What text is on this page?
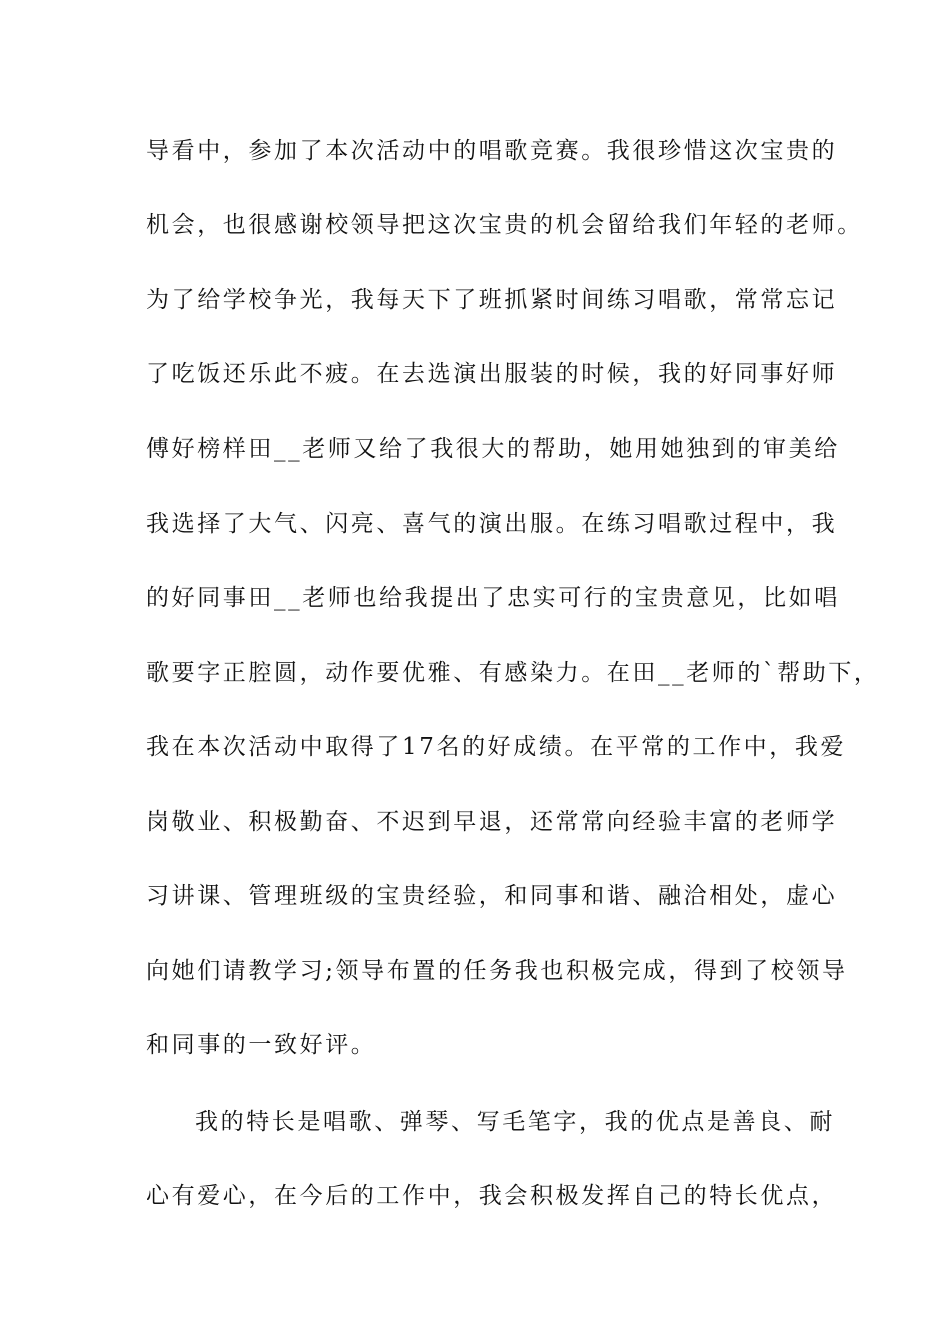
导看中，参加了本次活动中的唱歌竞赛。我很珍惜这次宝贵的
机会，也很感谢校领导把这次宝贵的机会留给我们年轻的老师。
为了给学校争光，我每天下了班抓紧时间练习唱歌，常常忘记
了吃饭还乐此不疲。在去选演出服装的时候，我的好同事好师
傅好榜样田__老师又给了我很大的帮助，她用她独到的审美给
我选择了大气、闪亮、喜气的演出服。在练习唱歌过程中，我
的好同事田__老师也给我提出了忠实可行的宝贵意见，比如唱
歌要字正腔圆，动作要优雅、有感染力。在田__老师的`帮助下，
我在本次活动中取得了17名的好成绩。在平常的工作中，我爱
岗敬业、积极勤奋、不迟到早退，还常常向经验丰富的老师学
习讲课、管理班级的宝贵经验，和同事和谐、融洽相处，虚心
向她们请教学习;领导布置的任务我也积极完成，得到了校领导
和同事的一致好评。
我的特长是唱歌、弹琴、写毛笔字，我的优点是善良、耐
心有爱心，在今后的工作中，我会积极发挥自己的特长优点，
